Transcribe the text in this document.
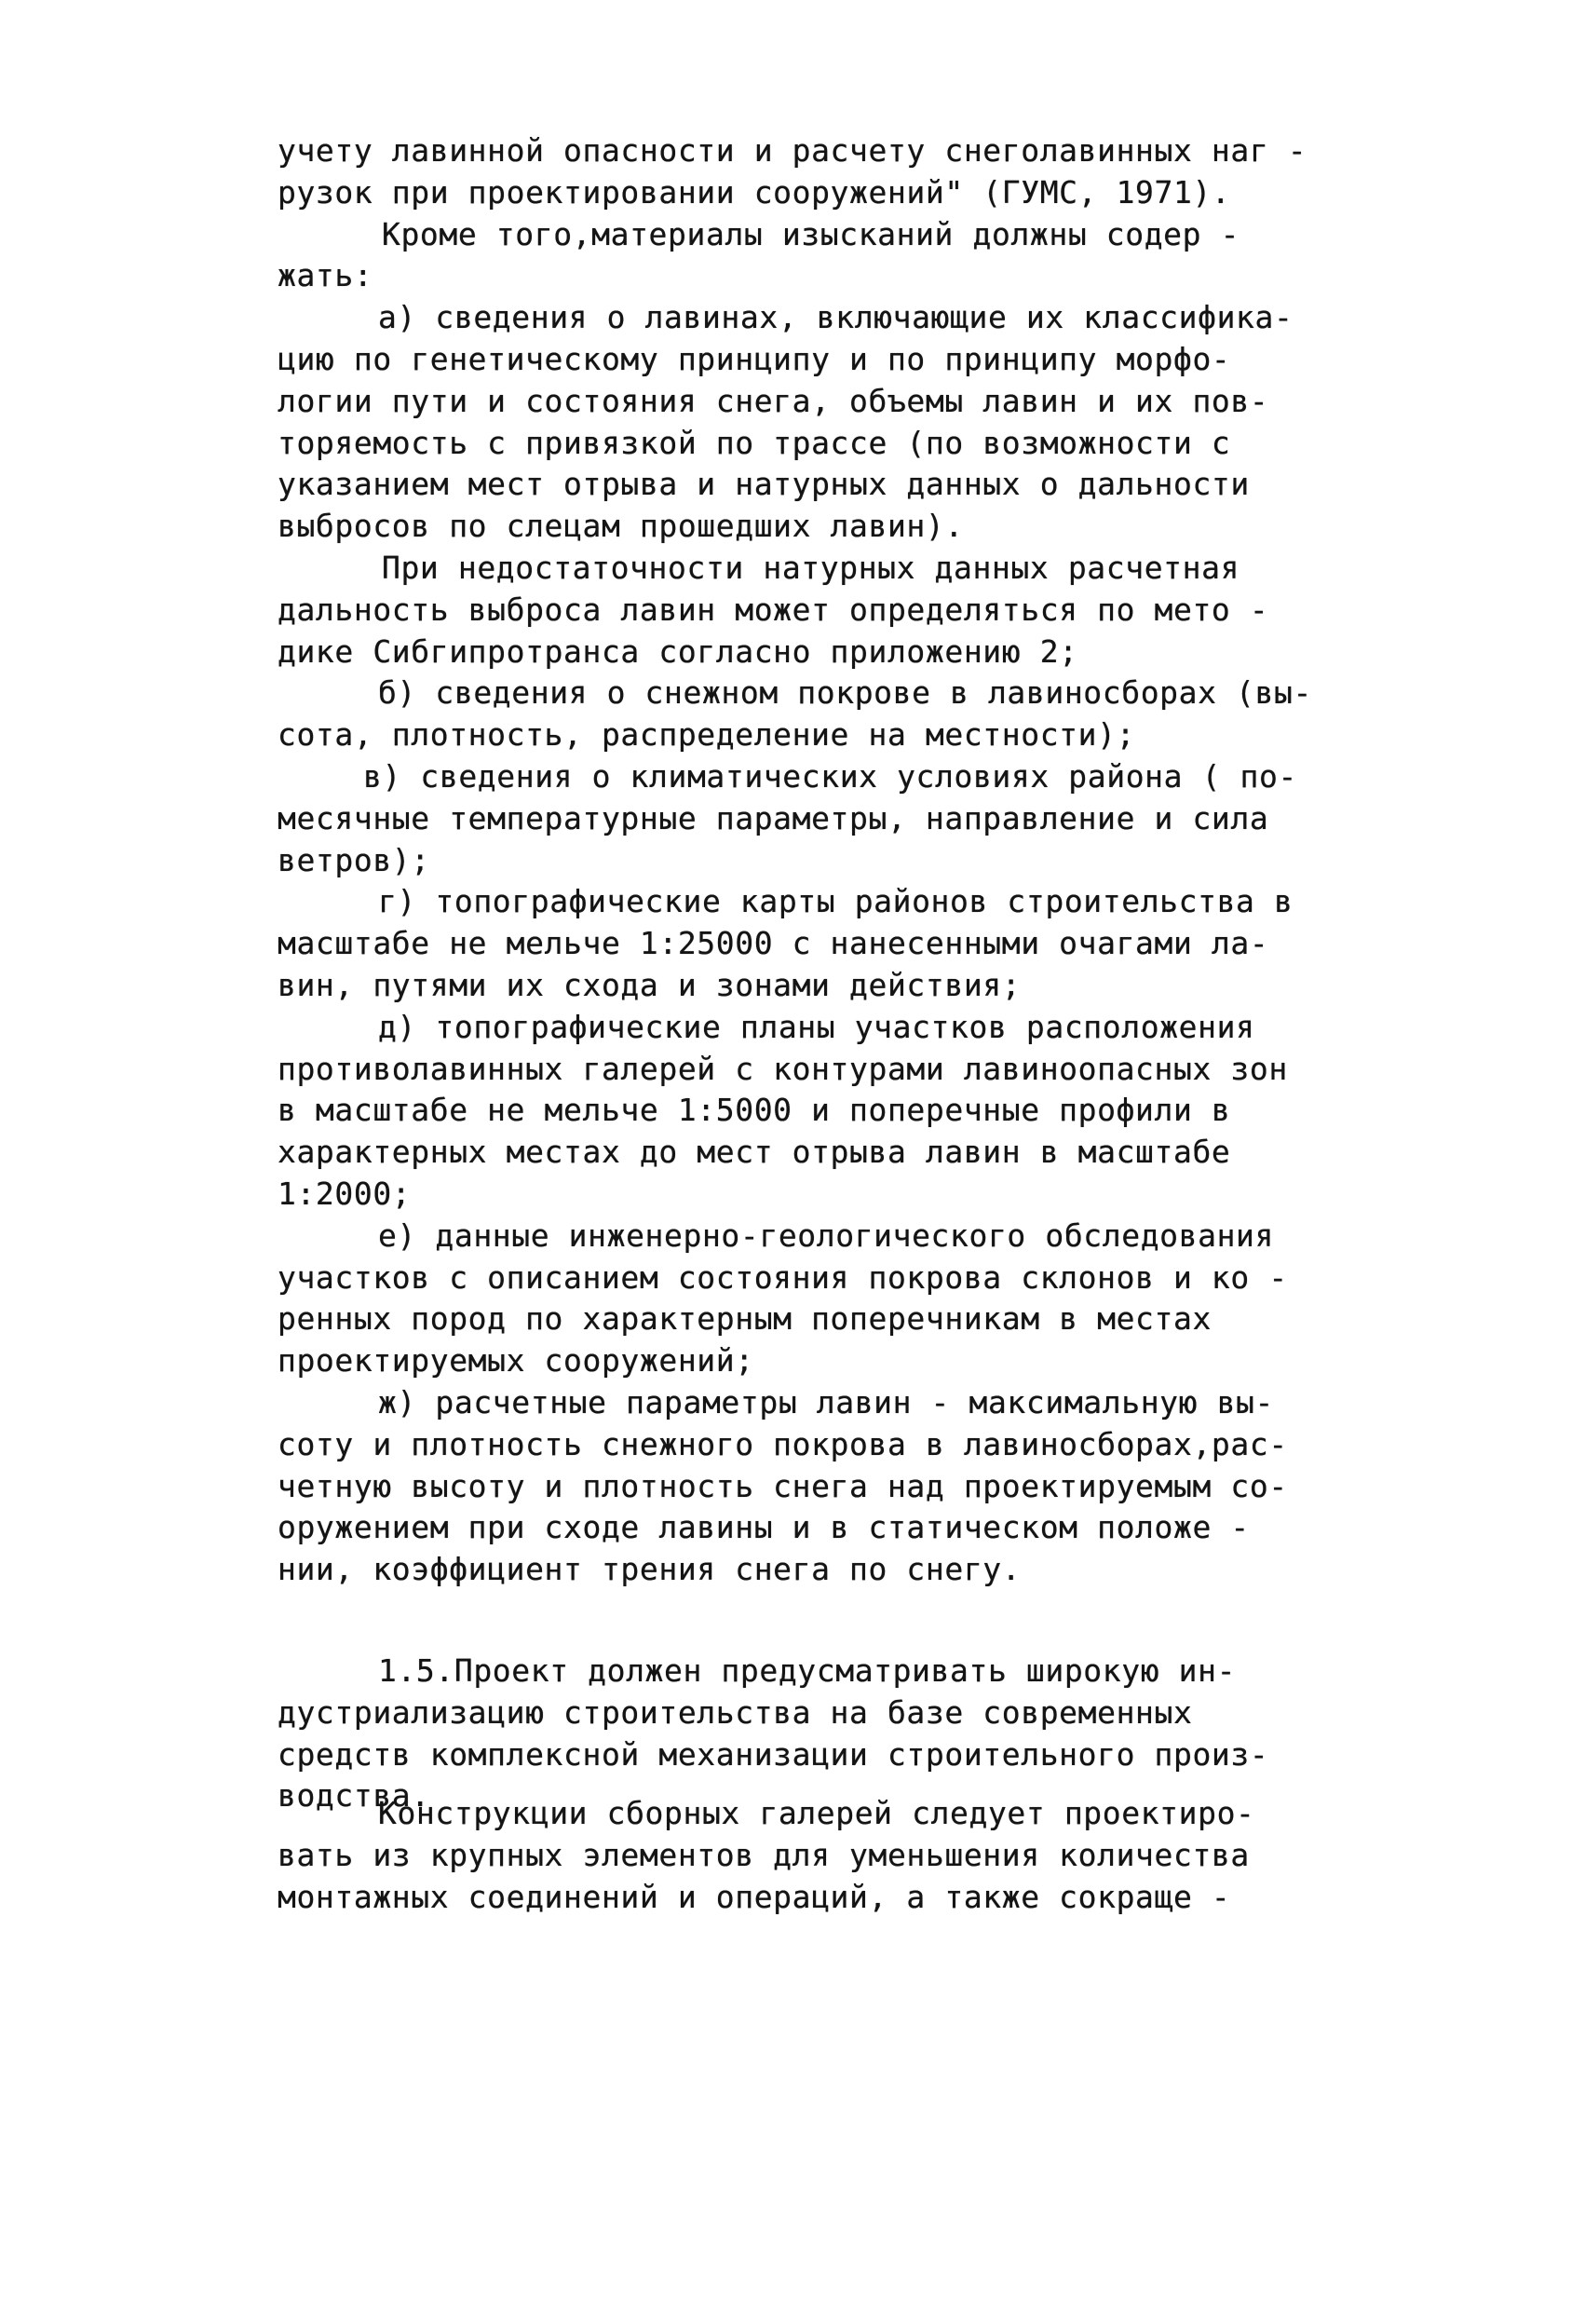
учету лавинной опасности и расчету снеголавинных наг -
рузок при проектировании сооружений" (ГУМС, 1971).
Кроме того,материалы изысканий должны содер -
жать:
а) сведения о лавинах, включающие их классифика-
цию по генетическому принципу и по принципу морфо-
логии пути и состояния снега, объемы лавин и их пов-
торяемость с привязкой по трассе (по возможности с
указанием мест отрыва и натурных данных о дальности
выбросов по слецам прошедших лавин).
При недостаточности натурных данных расчетная
дальность выброса лавин может определяться по мето -
дике Сибгипротранса согласно приложению 2;
б) сведения о снежном покрове в лавиносборах (вы-
сота, плотность, распределение на местности);
в) сведения о климатических условиях района ( по-
месячные температурные параметры, направление и сила
ветров);
г) топографические карты районов строительства в
масштабе не мельче 1:25000 с нанесенными очагами ла-
вин, путями их схода и зонами действия;
д) топографические планы участков расположения
противолавинных галерей с контурами лавиноопасных зон
в масштабе не мельче 1:5000 и поперечные профили в
характерных местах до мест отрыва лавин в масштабе
1:2000;
е) данные инженерно-геологического обследования
участков с описанием состояния покрова склонов и ко -
ренных пород по характерным поперечникам в местах
проектируемых сооружений;
ж) расчетные параметры лавин - максимальную вы-
соту и плотность снежного покрова в лавиносборах,рас-
четную высоту и плотность снега над проектируемым со-
оружением при сходе лавины и в статическом положе -
нии, коэффициент трения снега по снегу.
1.5.Проект должен предусматривать широкую ин-
дустриализацию строительства на базе современных
средств комплексной механизации строительного произ-
водства.
Конструкции сборных галерей следует проектиро-
вать из крупных элементов для уменьшения количества
монтажных соединений и операций, а также сокраще -
